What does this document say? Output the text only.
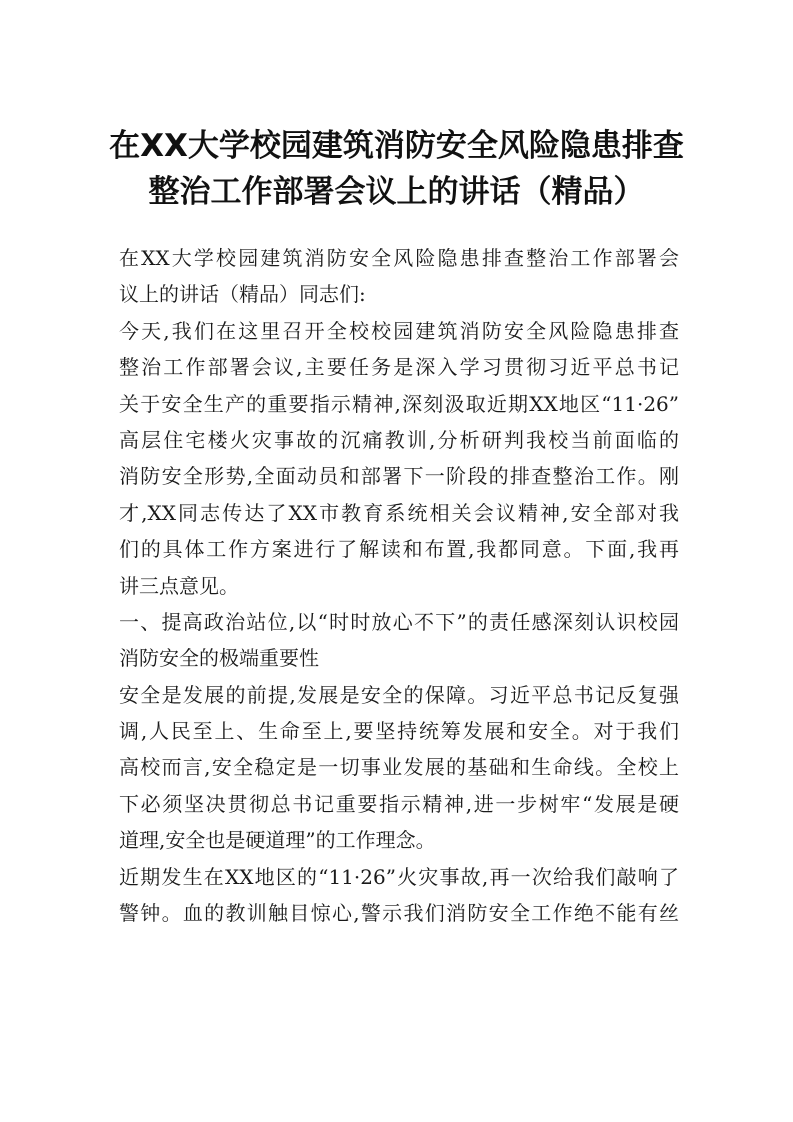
在XX大学校园建筑消防安全风险隐患排查
整治工作部署会议上的讲话（精品）
在XX大学校园建筑消防安全风险隐患排查整治工作部署会
议上的讲话（精品）同志们:
今天,我们在这里召开全校校园建筑消防安全风险隐患排查
整治工作部署会议,主要任务是深入学习贯彻习近平总书记
关于安全生产的重要指示精神,深刻汲取近期XX地区“11·26”
高层住宅楼火灾事故的沉痛教训,分析研判我校当前面临的
消防安全形势,全面动员和部署下一阶段的排查整治工作。刚
才,XX同志传达了XX市教育系统相关会议精神,安全部对我
们的具体工作方案进行了解读和布置,我都同意。下面,我再
讲三点意见。
一、提高政治站位,以“时时放心不下”的责任感深刻认识校园
消防安全的极端重要性
安全是发展的前提,发展是安全的保障。习近平总书记反复强
调,人民至上、生命至上,要坚持统筹发展和安全。对于我们
高校而言,安全稳定是一切事业发展的基础和生命线。全校上
下必须坚决贯彻总书记重要指示精神,进一步树牢“发展是硬
道理,安全也是硬道理”的工作理念。
近期发生在XX地区的“11·26”火灾事故,再一次给我们敲响了
警钟。血的教训触目惊心,警示我们消防安全工作绝不能有丝
